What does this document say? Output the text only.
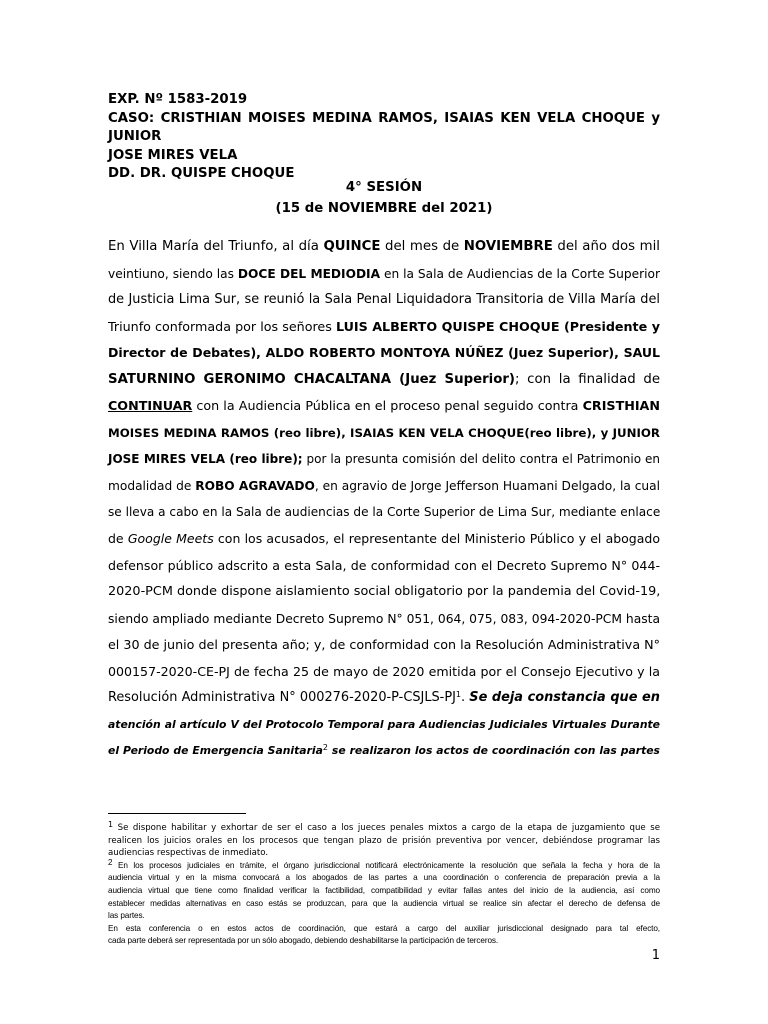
EXP. Nº 1583-2019
CASO: CRISTHIAN MOISES MEDINA RAMOS, ISAIAS KEN VELA CHOQUE y JUNIOR
JOSE MIRES VELA
DD. DR. QUISPE CHOQUE
4° SESIÓN
(15 de NOVIEMBRE del 2021)
En Villa María del Triunfo, al día QUINCE del mes de NOVIEMBRE del año dos mil
veintiuno, siendo las DOCE DEL MEDIODIA en la Sala de Audiencias de la Corte Superior
de Justicia Lima Sur, se reunió la Sala Penal Liquidadora Transitoria de Villa María del
Triunfo conformada por los señores LUIS ALBERTO QUISPE CHOQUE (Presidente y
Director de Debates), ALDO ROBERTO MONTOYA NÚÑEZ (Juez Superior), SAUL
SATURNINO GERONIMO CHACALTANA (Juez Superior); con la finalidad de
CONTINUAR con la Audiencia Pública en el proceso penal seguido contra CRISTHIAN
MOISES MEDINA RAMOS (reo libre), ISAIAS KEN VELA CHOQUE(reo libre), y JUNIOR
JOSE MIRES VELA (reo libre); por la presunta comisión del delito contra el Patrimonio en
modalidad de ROBO AGRAVADO, en agravio de Jorge Jefferson Huamani Delgado, la cual
se lleva a cabo en la Sala de audiencias de la Corte Superior de Lima Sur, mediante enlace
de Google Meets con los acusados, el representante del Ministerio Público y el abogado
defensor público adscrito a esta Sala, de conformidad con el Decreto Supremo N° 044-
2020-PCM donde dispone aislamiento social obligatorio por la pandemia del Covid-19,
siendo ampliado mediante Decreto Supremo N° 051, 064, 075, 083, 094-2020-PCM hasta
el 30 de junio del presenta año; y, de conformidad con la Resolución Administrativa N°
000157-2020-CE-PJ de fecha 25 de mayo de 2020 emitida por el Consejo Ejecutivo y la
Resolución Administrativa N° $000276-2020-P-CSJLS-PJ^1$. Se deja constancia que en
atención al artículo V del Protocolo Temporal para Audiencias Judiciales Virtuales Durante
el Periodo de Emergencia Sanitaria$^2$ se realizaron los actos de coordinación con las partes
$^1$ Se dispone habilitar y exhortar de ser el caso a los jueces penales mixtos a cargo de la etapa de juzgamiento que se
realicen los juicios orales en los procesos que tengan plazo de prisión preventiva por vencer, debiéndose programar las
audiencias respectivas de inmediato.
$^2$ En los procesos judiciales en trámite, el órgano jurisdiccional notificará electrónicamente la resolución que señala la fecha y hora de la
audiencia virtual y en la misma convocará a los abogados de las partes a una coordinación o conferencia de preparación previa a la
audiencia virtual que tiene como finalidad verificar la factibilidad, compatibilidad y evitar fallas antes del inicio de la audiencia, así como
establecer medidas alternativas en caso estás se produzcan, para que la audiencia virtual se realice sin afectar el derecho de defensa de
las partes.
En esta conferencia o en estos actos de coordinación, que estará a cargo del auxiliar jurisdiccional designado para tal efecto,
cada parte deberá ser representada por un sólo abogado, debiendo deshabilitarse la participación de terceros.
1
